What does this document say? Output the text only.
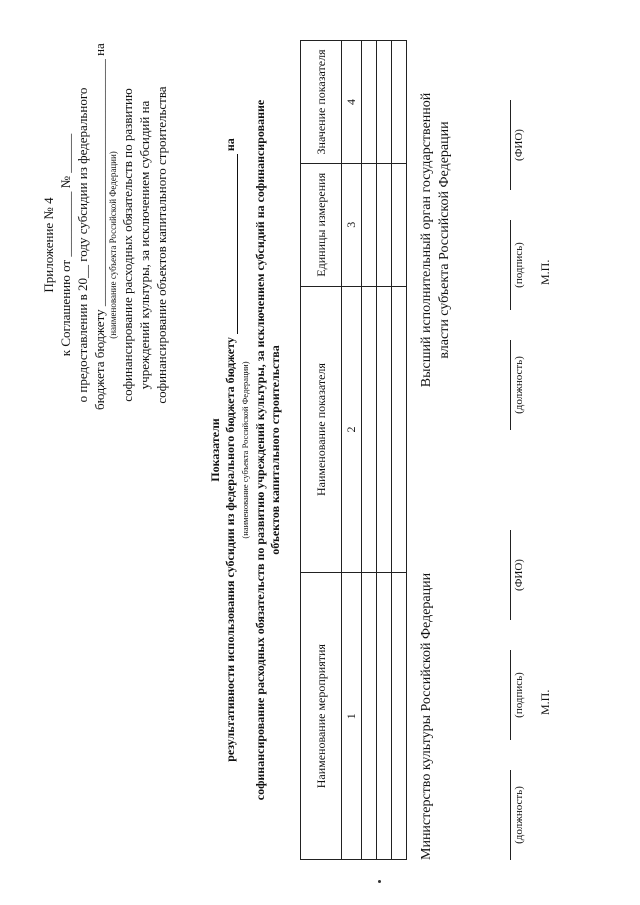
Приложение № 4 к Соглашению от __________ № ______ о предоставлении в 20__ году субсидии из федерального бюджета бюджету ______________________________________ на (наименование субъекта Российской Федерации) софинансирование расходных обязательств по развитию учреждений культуры, за исключением субсидий на софинансирование объектов капитального строительства
Показатели результативности использования субсидии из федерального бюджета бюджету  на
(наименование субъекта Российской Федерации) софинансирование расходных обязательств по развитию учреждений культуры, за исключением субсидий на софинансирование объектов капитального строительства
Наименование мероприятия	Наименование показателя	Единицы измерения	Значение показателя
1	2	3	4

Министерство культуры Российской Федерации
Высший исполнительный орган государственной власти субъекта Российской Федерации
(должность)
(подпись)
(ФИО)
М.П.
(должность)
(подпись)
(ФИО)
М.П.
